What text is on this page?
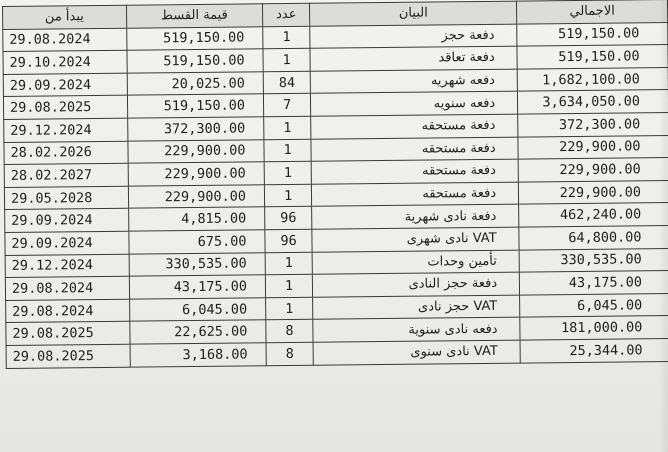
يبدأ من	قيمة القسط	عدد	البيان	الاجمالي
29.08.2024	519,150.00	1	دفعة حجز	519,150.00
29.10.2024	519,150.00	1	دفعة تعاقد	519,150.00
29.09.2024	20,025.00	84	دفعه شهريه	1,682,100.00
29.08.2025	519,150.00	7	دفعه سنويه	3,634,050.00
29.12.2024	372,300.00	1	دفعة مستحقه	372,300.00
28.02.2026	229,900.00	1	دفعة مستحقه	229,900.00
28.02.2027	229,900.00	1	دفعة مستحقه	229,900.00
29.05.2028	229,900.00	1	دفعة مستحقه	229,900.00
29.09.2024	4,815.00	96	دفعة نادى شهرية	462,240.00
29.09.2024	675.00	96	VAT نادى شهرى	64,800.00
29.12.2024	330,535.00	1	تأمين وحدات	330,535.00
29.08.2024	43,175.00	1	دفعة حجز النادى	43,175.00
29.08.2024	6,045.00	1	VAT حجز نادى	6,045.00
29.08.2025	22,625.00	8	دفعه نادى سنوية	181,000.00
29.08.2025	3,168.00	8	VAT نادى سنوى	25,344.00
